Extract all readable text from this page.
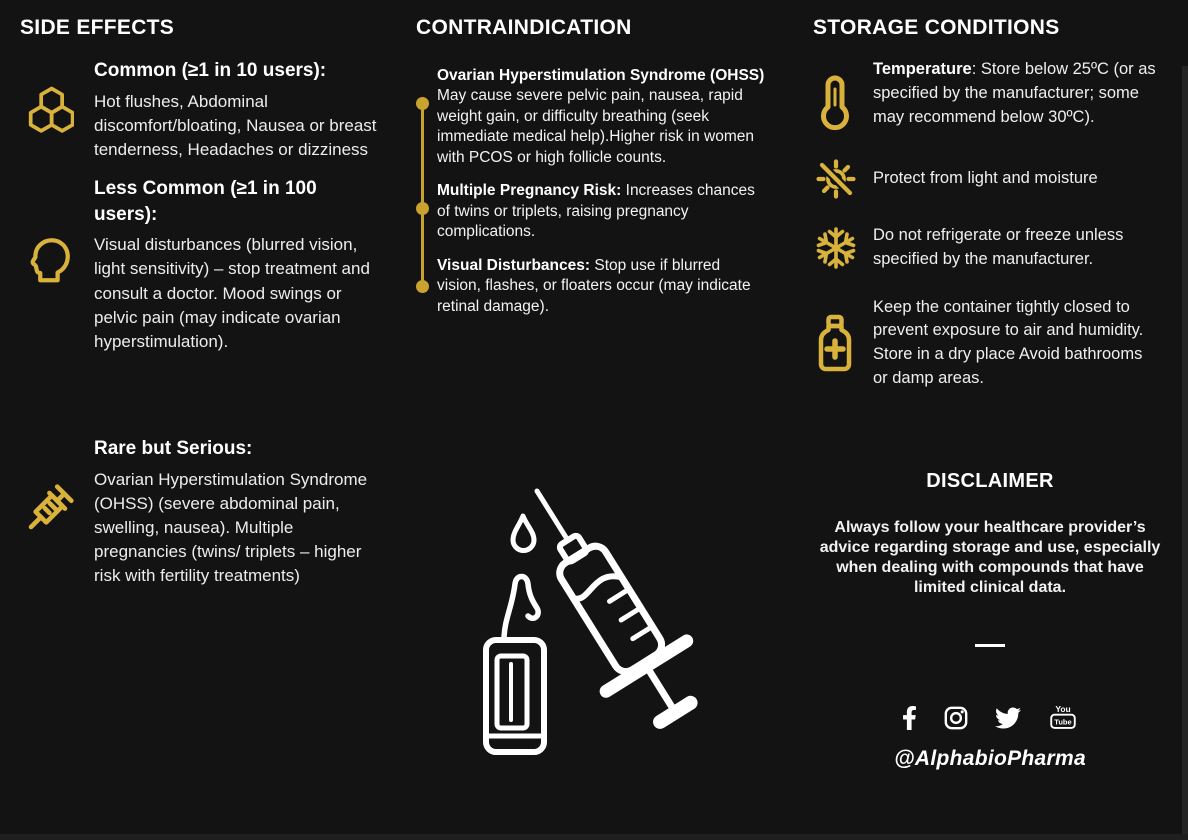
SIDE EFFECTS

Common (≥1 in 10 users):

Hot flushes, Abdominal discomfort/bloating, Nausea or breast tenderness, Headaches or dizziness

Less Common (≥1 in 100 users):

Visual disturbances (blurred vision, light sensitivity) – stop treatment and consult a doctor. Mood swings or pelvic pain (may indicate ovarian hyperstimulation).

Rare but Serious:

Ovarian Hyperstimulation Syndrome (OHSS) (severe abdominal pain, swelling, nausea). Multiple pregnancies (twins/ triplets – higher risk with fertility treatments)

CONTRAINDICATION
Ovarian Hyperstimulation Syndrome (OHSS)
May cause severe pelvic pain, nausea, rapid weight gain, or difficulty breathing (seek immediate medical help).Higher risk in women with PCOS or high follicle counts.
Multiple Pregnancy Risk: Increases chances of twins or triplets, raising pregnancy complications.
Visual Disturbances: Stop use if blurred vision, flashes, or floaters occur (may indicate retinal damage).
STORAGE CONDITIONS
Temperature: Store below 25ºC (or as specified by the manufacturer; some may recommend below 30ºC).
Protect from light and moisture
Do not refrigerate or freeze unless specified by the manufacturer.
Keep the container tightly closed to prevent exposure to air and humidity. Store in a dry place Avoid bathrooms or damp areas.
DISCLAIMER

Always follow your healthcare provider’s advice regarding storage and use, especially when dealing with compounds that have limited clinical data.

You
Tube
@AlphabioPharma
